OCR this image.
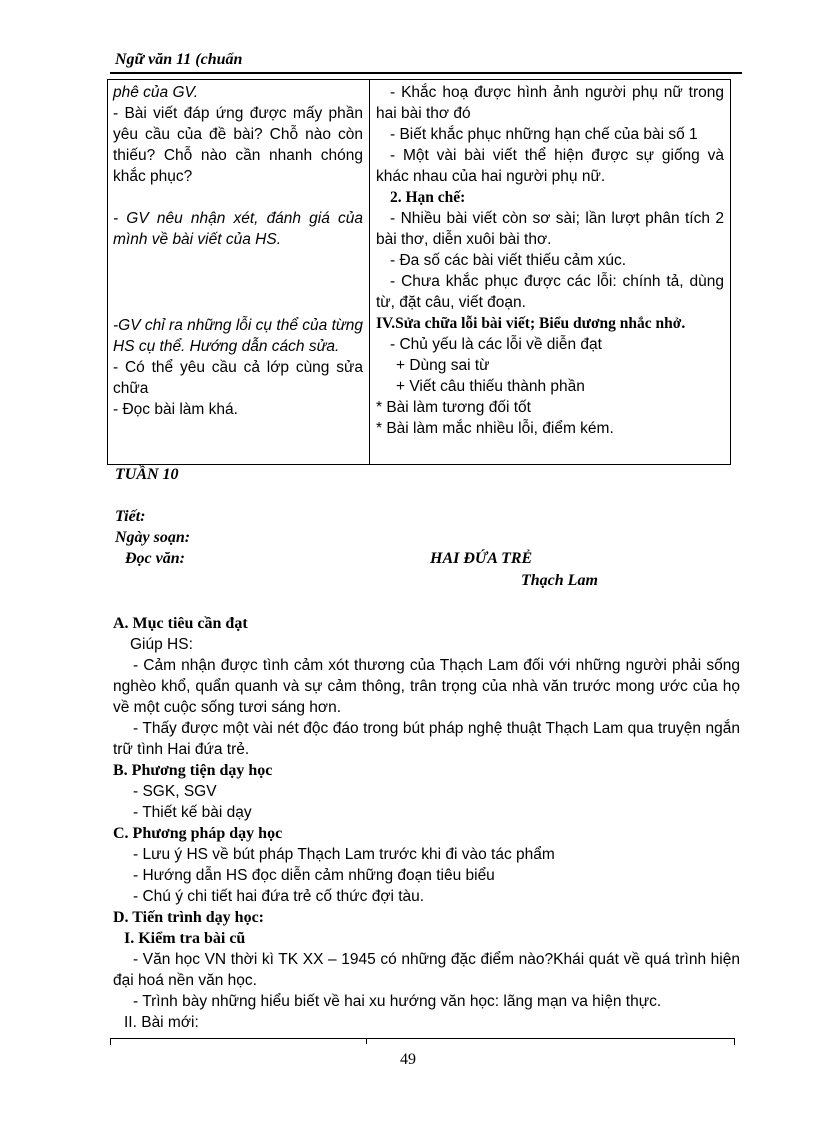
Ngữ văn 11 (chuẩn

phê của GV.

- Bài viết đáp ứng được mấy phần yêu cầu của đề bài? Chỗ nào còn thiếu? Chỗ nào cần nhanh chóng khắc phục?

- GV nêu nhận xét, đánh giá của mình về bài viết của HS.

-GV chỉ ra những lỗi cụ thể của từng HS cụ thể. Hướng dẫn cách sửa.

- Có thể yêu cầu cả lớp cùng sửa chữa

- Đọc bài làm khá.

- Khắc hoạ được hình ảnh người phụ nữ trong hai bài thơ đó

- Biết khắc phục những hạn chế của bài số 1

- Một vài bài viết thể hiện được sự giống và khác nhau của hai người phụ nữ.

2. Hạn chế:

- Nhiều bài viết còn sơ sài; lần lượt phân tích 2 bài thơ, diễn xuôi bài thơ.

- Đa số các bài viết thiếu cảm xúc.

- Chưa khắc phục được các lỗi: chính tả, dùng từ, đặt câu, viết đoạn.

IV.Sửa chữa lỗi bài viết; Biểu dương nhắc nhở.

- Chủ yếu là các lỗi về diễn đạt

+ Dùng sai từ

+ Viết câu thiếu thành phần

* Bài làm tương đối tốt

* Bài làm mắc nhiều lỗi, điểm kém.

TUẦN 10
Tiết:
Ngày soạn:
Đọc văn:	HAI ĐỨA TRẺ
Thạch Lam

A. Mục tiêu cần đạt

Giúp HS:

- Cảm nhận được tình cảm xót thương của Thạch Lam đối với những người phải sống nghèo khổ, quẩn quanh và sự cảm thông, trân trọng của nhà văn trước mong ước của họ về một cuộc sống tươi sáng hơn.

- Thấy được một vài nét độc đáo trong bút pháp nghệ thuật Thạch Lam qua truyện ngắn trữ tình Hai đứa trẻ.

B. Phương tiện dạy học

- SGK, SGV

- Thiết kế bài dạy

C. Phương pháp dạy học

- Lưu ý HS về bút pháp Thạch Lam trước khi đi vào tác phẩm

- Hướng dẫn HS đọc diễn cảm những đoạn tiêu biểu

- Chú ý chi tiết hai đứa trẻ cố thức đợi tàu.

D. Tiến trình dạy học:

I. Kiểm tra bài cũ

- Văn học VN thời kì TK XX – 1945 có những đặc điểm nào?Khái quát về quá trình hiện đại hoá nền văn học.

- Trình bày những hiểu biết về hai xu hướng văn học: lãng mạn va hiện thực.

II. Bài mới:

49
